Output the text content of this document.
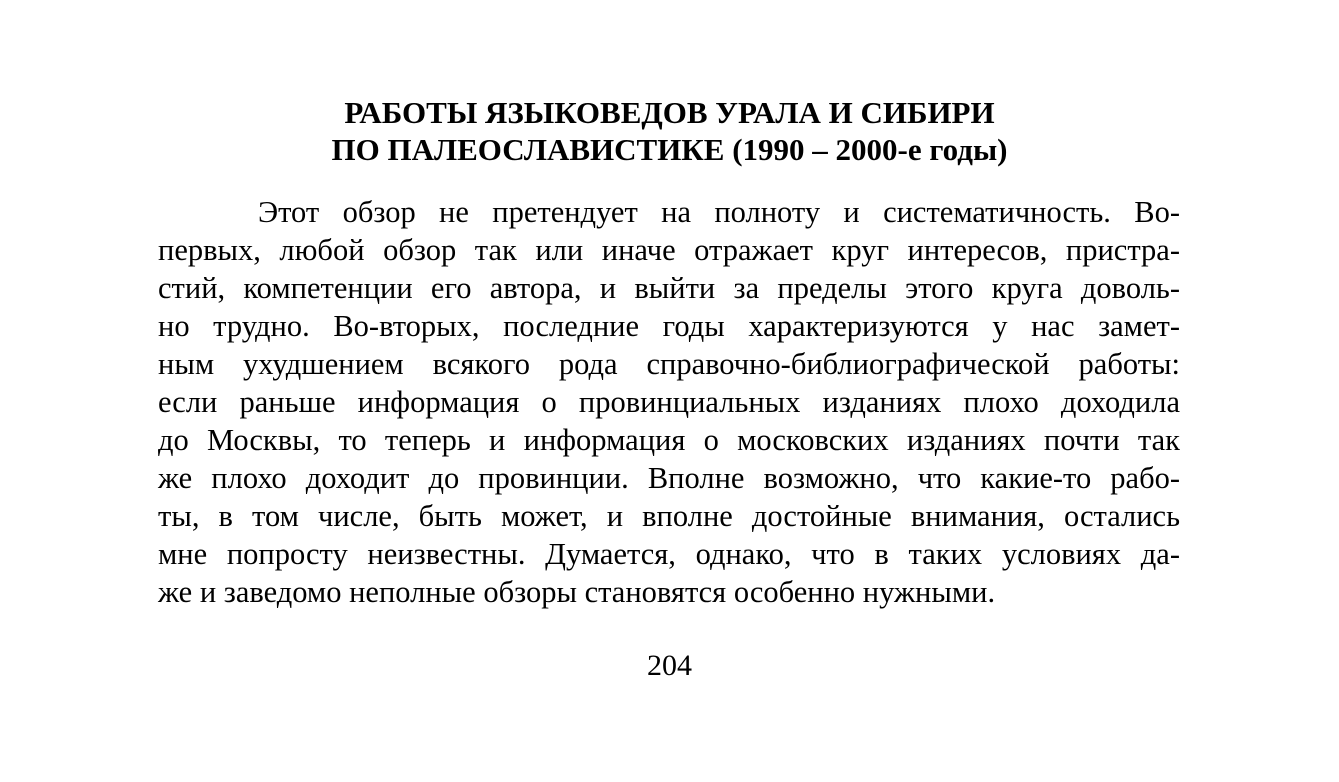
РАБОТЫ ЯЗЫКОВЕДОВ УРАЛА И СИБИРИ
ПО ПАЛЕОСЛАВИСТИКЕ (1990 – 2000-е годы)
Этот обзор не претендует на полноту и систематичность. Во-
первых, любой обзор так или иначе отражает круг интересов, пристра-
стий, компетенции его автора, и выйти за пределы этого круга доволь-
но трудно. Во-вторых, последние годы характеризуются у нас замет-
ным ухудшением всякого рода справочно-библиографической работы:
если раньше информация о провинциальных изданиях плохо доходила
до Москвы, то теперь и информация о московских изданиях почти так
же плохо доходит до провинции. Вполне возможно, что какие-то рабо-
ты, в том числе, быть может, и вполне достойные внимания, остались
мне попросту неизвестны. Думается, однако, что в таких условиях да-
же и заведомо неполные обзоры становятся особенно нужными.
204
